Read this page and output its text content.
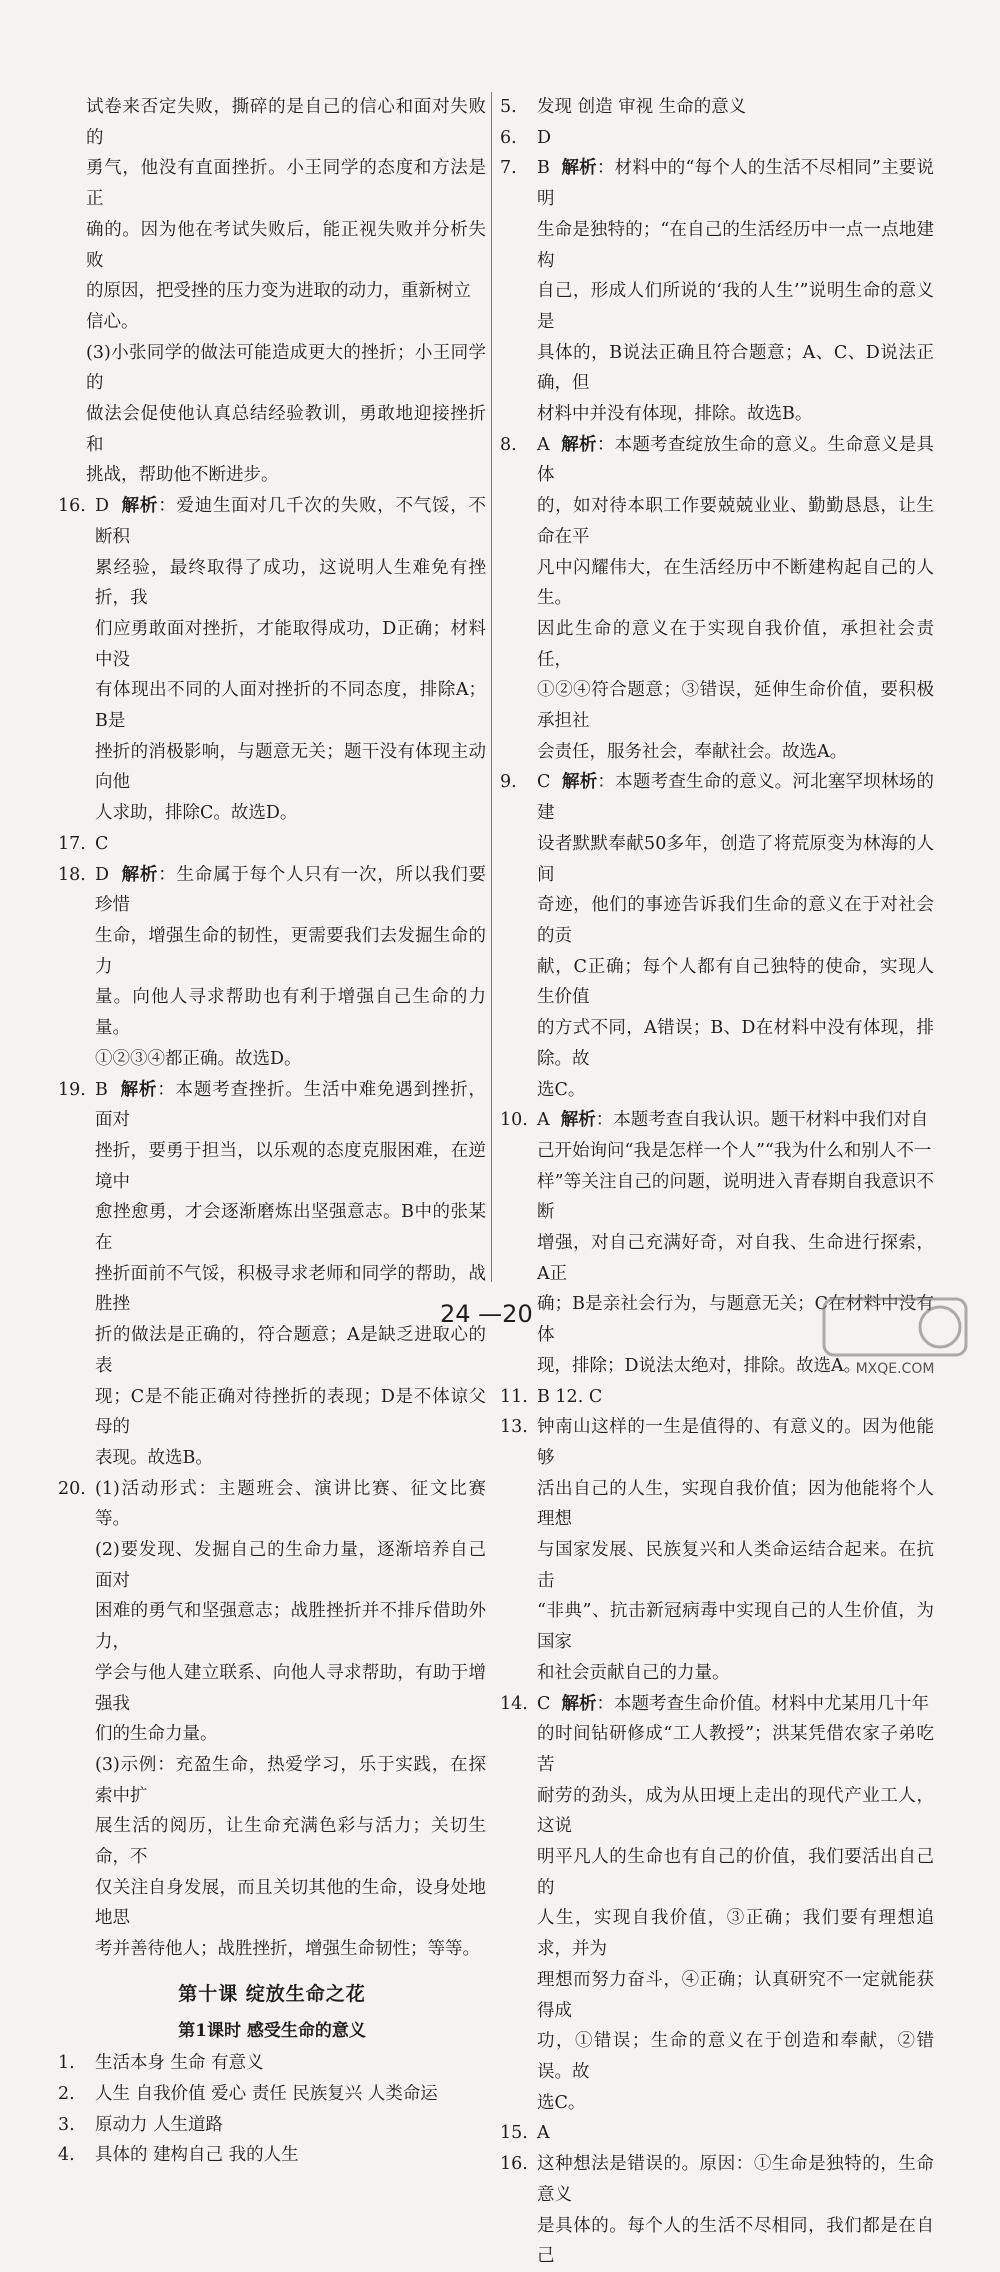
试卷来否定失败，撕碎的是自己的信心和面对失败的

勇气，他没有直面挫折。小王同学的态度和方法是正

确的。因为他在考试失败后，能正视失败并分析失败

的原因，把受挫的压力变为进取的动力，重新树立

信心。

(3)小张同学的做法可能造成更大的挫折；小王同学的

做法会促使他认真总结经验教训，勇敢地迎接挫折和

挑战，帮助他不断进步。

16. D 解析：爱迪生面对几千次的失败，不气馁，不断积

累经验，最终取得了成功，这说明人生难免有挫折，我

们应勇敢面对挫折，才能取得成功，D正确；材料中没

有体现出不同的人面对挫折的不同态度，排除A；B是

挫折的消极影响，与题意无关；题干没有体现主动向他

人求助，排除C。故选D。

17. C

18. D 解析：生命属于每个人只有一次，所以我们要珍惜

生命，增强生命的韧性，更需要我们去发掘生命的力

量。向他人寻求帮助也有利于增强自己生命的力量。

①②③④都正确。故选D。

19. B 解析：本题考查挫折。生活中难免遇到挫折，面对

挫折，要勇于担当，以乐观的态度克服困难，在逆境中

愈挫愈勇，才会逐渐磨炼出坚强意志。B中的张某在

挫折面前不气馁，积极寻求老师和同学的帮助，战胜挫

折的做法是正确的，符合题意；A是缺乏进取心的表

现；C是不能正确对待挫折的表现；D是不体谅父母的

表现。故选B。

20. (1)活动形式：主题班会、演讲比赛、征文比赛等。

(2)要发现、发掘自己的生命力量，逐渐培养自己面对

困难的勇气和坚强意志；战胜挫折并不排斥借助外力，

学会与他人建立联系、向他人寻求帮助，有助于增强我

们的生命力量。

(3)示例：充盈生命，热爱学习，乐于实践，在探索中扩

展生活的阅历，让生命充满色彩与活力；关切生命，不

仅关注自身发展，而且关切其他的生命，设身处地地思

考并善待他人；战胜挫折，增强生命韧性；等等。

第十课 绽放生命之花

第1课时 感受生命的意义

1.	生活本身 生命 有意义

2.	人生 自我价值 爱心 责任 民族复兴 人类命运

3.	原动力 人生道路

4.	具体的 建构自己 我的人生

5.	发现 创造 审视 生命的意义

6.	D

7.	B 解析：材料中的“每个人的生活不尽相同”主要说明

生命是独特的；“在自己的生活经历中一点一点地建构

自己，形成人们所说的‘我的人生’”说明生命的意义是

具体的，B说法正确且符合题意；A、C、D说法正确，但

材料中并没有体现，排除。故选B。

8.	A 解析：本题考查绽放生命的意义。生命意义是具体

的，如对待本职工作要兢兢业业、勤勤恳恳，让生命在平

凡中闪耀伟大，在生活经历中不断建构起自己的人生。

因此生命的意义在于实现自我价值，承担社会责任，

①②④符合题意；③错误，延伸生命价值，要积极承担社

会责任，服务社会，奉献社会。故选A。

9.	C 解析：本题考查生命的意义。河北塞罕坝林场的建

设者默默奉献50多年，创造了将荒原变为林海的人间

奇迹，他们的事迹告诉我们生命的意义在于对社会的贡

献，C正确；每个人都有自己独特的使命，实现人生价值

的方式不同，A错误；B、D在材料中没有体现，排除。故

选C。

10. A 解析：本题考查自我认识。题干材料中我们对自

己开始询问“我是怎样一个人”“我为什么和别人不一

样”等关注自己的问题，说明进入青春期自我意识不断

增强，对自己充满好奇，对自我、生命进行探索，A正

确；B是亲社会行为，与题意无关；C在材料中没有体

现，排除；D说法太绝对，排除。故选A。

11. B 12. C

13. 钟南山这样的一生是值得的、有意义的。因为他能够

活出自己的人生，实现自我价值；因为他能将个人理想

与国家发展、民族复兴和人类命运结合起来。在抗击

“非典”、抗击新冠病毒中实现自己的人生价值，为国家

和社会贡献自己的力量。

14. C 解析：本题考查生命价值。材料中尤某用几十年

的时间钻研修成“工人教授”；洪某凭借农家子弟吃苦

耐劳的劲头，成为从田埂上走出的现代产业工人，这说

明平凡人的生命也有自己的价值，我们要活出自己的

人生，实现自我价值，③正确；我们要有理想追求，并为

理想而努力奋斗，④正确；认真研究不一定就能获得成

功，①错误；生命的意义在于创造和奉献，②错误。故

选C。

15. A

16. 这种想法是错误的。原因：①生命是独特的，生命意义

是具体的。每个人的生活不尽相同，我们都是在自己

24 —20
MXQE.COM
